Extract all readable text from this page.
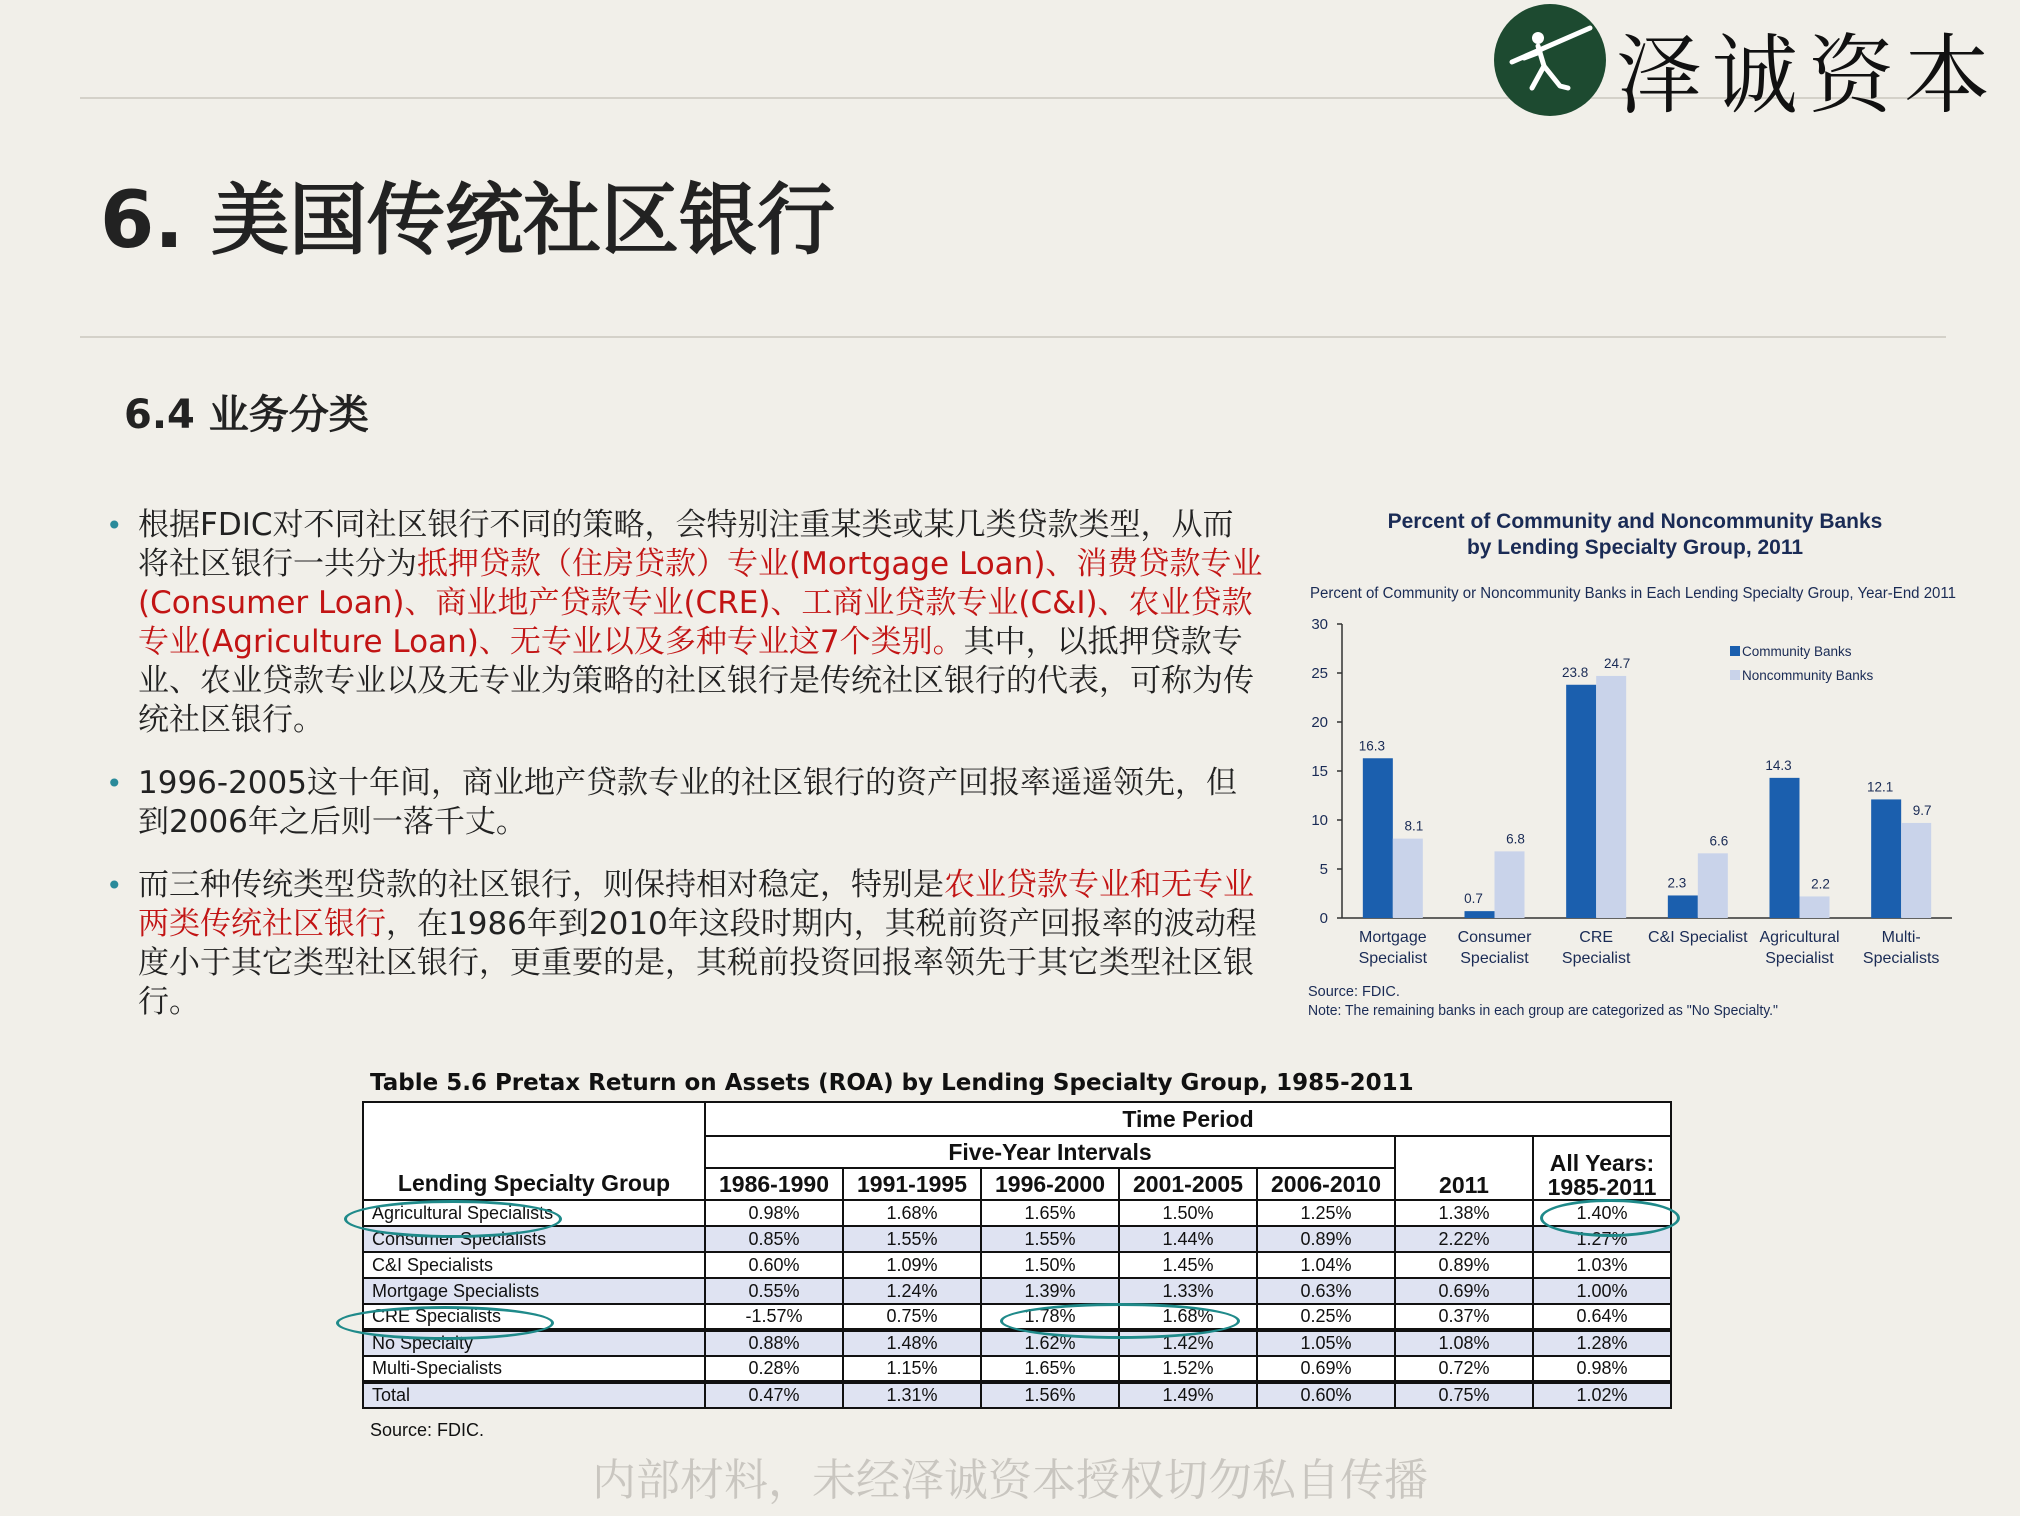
泽诚资本
6. 美国传统社区银行
6.4 业务分类
• 根据FDIC对不同社区银行不同的策略，会特别注重某类或某几类贷款类型，从而将社区银行一共分为抵押贷款（住房贷款）专业(Mortgage Loan)、消费贷款专业(Consumer Loan)、商业地产贷款专业(CRE)、工商业贷款专业(C&I)、农业贷款专业(Agriculture Loan)、无专业以及多种专业这7个类别。其中，以抵押贷款专业、农业贷款专业以及无专业为策略的社区银行是传统社区银行的代表，可称为传统社区银行。
• 1996-2005这十年间，商业地产贷款专业的社区银行的资产回报率遥遥领先，但到2006年之后则一落千丈。
• 而三种传统类型贷款的社区银行，则保持相对稳定，特别是农业贷款专业和无专业两类传统社区银行，在1986年到2010年这段时期内，其税前资产回报率的波动程度小于其它类型社区银行，更重要的是，其税前投资回报率领先于其它类型社区银行。
Percent of Community and Noncommunity Banks
by Lending Specialty Group, 2011
Percent of Community or Noncommunity Banks in Each Lending Specialty Group, Year-End 2011
0
5
10
15
20
25
30
16.3
0.7
23.8
2.3
14.3
12.1
8.1
6.8
24.7
6.6
2.2
9.7
Mortgage
Specialist
Consumer
Specialist
CRE
Specialist
C&I Specialist Agricultural
Specialist
Multi-
Specialists
Community Banks
Noncommunity Banks
Source: FDIC.
Note: The remaining banks in each group are categorized as "No Specialty."
Table 5.6 Pretax Return on Assets (ROA) by Lending Specialty Group, 1985-2011
Lending Specialty Group	Time Period						
	Five-Year Intervals					2011	All Years: 1985-2011
	1986-1990	1991-1995	1996-2000	2001-2005	2006-2010		
Agricultural Specialists	0.98%	1.68%	1.65%	1.50%	1.25%	1.38%	1.40%
Consumer Specialists	0.85%	1.55%	1.55%	1.44%	0.89%	2.22%	1.27%
C&I Specialists	0.60%	1.09%	1.50%	1.45%	1.04%	0.89%	1.03%
Mortgage Specialists	0.55%	1.24%	1.39%	1.33%	0.63%	0.69%	1.00%
CRE Specialists	-1.57%	0.75%	1.78%	1.68%	0.25%	0.37%	0.64%
No Specialty	0.88%	1.48%	1.62%	1.42%	1.05%	1.08%	1.28%
Multi-Specialists	0.28%	1.15%	1.65%	1.52%	0.69%	0.72%	0.98%
Total	0.47%	1.31%	1.56%	1.49%	0.60%	0.75%	1.02%
Source: FDIC.
内部材料，未经泽诚资本授权切勿私自传播
